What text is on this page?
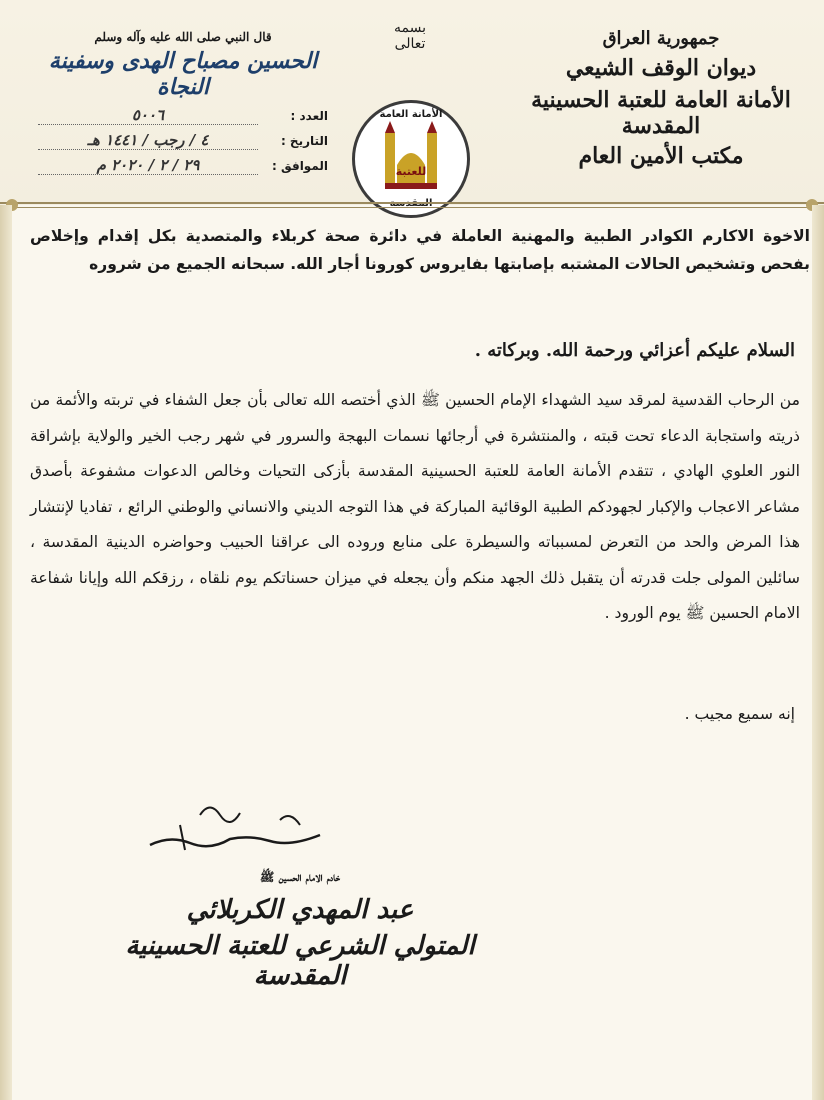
جمهورية العراق
ديوان الوقف الشيعي
الأمانة العامة للعتبة الحسينية المقدسة
مكتب الأمين العام
بسمه تعالى
الأمانة العامة
للعتبة
قال النبي صلى الله عليه وآله وسلم
الحسين مصباح الهدى وسفينة النجاة
العدد :
٥٠٠٦
التاريخ :
٤ / رجب / ١٤٤١ هـ
الموافق :
٢٩ / ٢ / ٢٠٢٠ م
الاخوة الاكارم الكوادر الطبية والمهنية العاملة في دائرة صحة كربلاء والمتصدية بكل إقدام وإخلاص بفحص وتشخيص الحالات المشتبه بإصابتها بفايروس كورونا أجار الله. سبحانه الجميع من شروره
السلام عليكم أعزائي ورحمة الله. وبركاته .

من الرحاب القدسية لمرقد سيد الشهداء الإمام الحسين ﷺ الذي أختصه الله تعالى بأن جعل الشفاء في تربته والأئمة من ذريته واستجابة الدعاء تحت قبته ، والمنتشرة في أرجائها نسمات البهجة والسرور في شهر رجب الخير والولاية بإشراقة النور العلوي الهادي ، تتقدم الأمانة العامة للعتبة الحسينية المقدسة بأزكى التحيات وخالص الدعوات مشفوعة بأصدق مشاعر الاعجاب والإكبار لجهودكم الطبية الوقائية المباركة في هذا التوجه الديني والانساني والوطني الرائع ، تفاديا لإنتشار هذا المرض والحد من التعرض لمسبباته والسيطرة على منابع وروده الى عراقنا الحبيب وحواضره الدينية المقدسة ، سائلين المولى جلت قدرته أن يتقبل ذلك الجهد منكم وأن يجعله في ميزان حسناتكم يوم نلقاه ، رزقكم الله وإيانا شفاعة الامام الحسين ﷺ يوم الورود .

إنه سميع مجيب .
خادم الامام الحسين ﷺ
عبد المهدي الكربلائي
المتولي الشرعي للعتبة الحسينية المقدسة
